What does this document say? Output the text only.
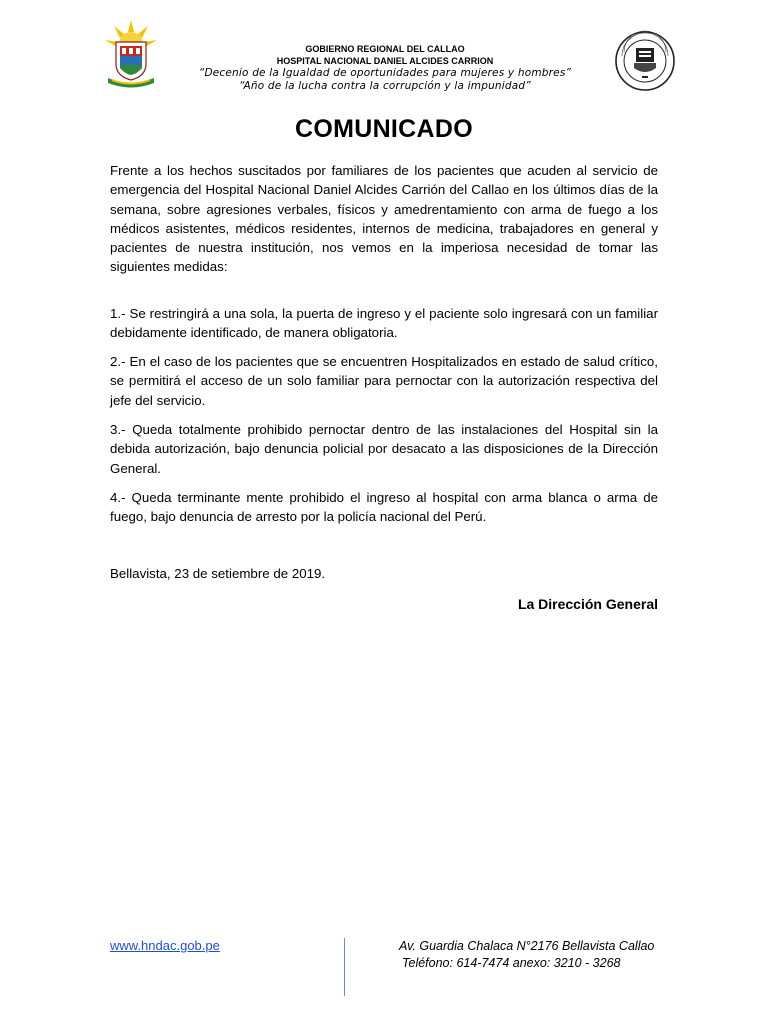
GOBIERNO REGIONAL DEL CALLAO
HOSPITAL NACIONAL DANIEL ALCIDES CARRION
“Decenio de la Igualdad de oportunidades para mujeres y hombres”
“Año de la lucha contra la corrupción y la impunidad”
COMUNICADO
Frente a los hechos suscitados por familiares de los pacientes que acuden al servicio de emergencia del Hospital Nacional Daniel Alcides Carrión del Callao en los últimos días de la semana, sobre agresiones verbales, físicos y amedrentamiento con arma de fuego a los médicos asistentes, médicos residentes, internos de medicina, trabajadores en general y pacientes de nuestra institución, nos vemos en la imperiosa necesidad de tomar las siguientes medidas:
1.- Se restringirá a una sola, la puerta de ingreso y el paciente solo ingresará con un familiar debidamente identificado, de manera obligatoria.
2.- En el caso de los pacientes que se encuentren Hospitalizados en estado de salud crítico, se permitirá el acceso de un solo familiar para pernoctar con la autorización respectiva del jefe del servicio.
3.- Queda totalmente prohibido pernoctar dentro de las instalaciones del Hospital sin la debida autorización, bajo denuncia policial por desacato a las disposiciones de la Dirección General.
4.- Queda terminante mente prohibido el ingreso al hospital con arma blanca o arma de fuego, bajo denuncia de arresto por la policía nacional del Perú.
Bellavista, 23 de setiembre de 2019.
La Dirección General
www.hndac.gob.pe	Av. Guardia Chalaca N°2176 Bellavista Callao
Teléfono: 614-7474 anexo: 3210 - 3268
